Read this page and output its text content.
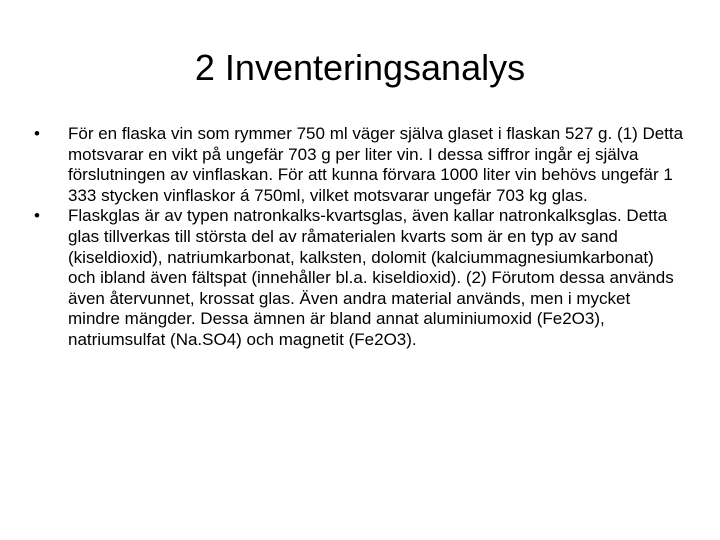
2 Inventeringsanalys
•	För en flaska vin som rymmer 750 ml väger själva glaset i flaskan 527 g. (1) Detta motsvarar en vikt på ungefär 703 g per liter vin. I dessa siffror ingår ej själva förslutningen av vinflaskan. För att kunna förvara 1000 liter vin behövs ungefär 1 333 stycken vinflaskor á 750ml, vilket motsvarar ungefär 703 kg glas.
•	Flaskglas är av typen natronkalks-kvartsglas, även kallar natronkalksglas. Detta glas tillverkas till största del av råmaterialen kvarts som är en typ av sand (kiseldioxid), natriumkarbonat, kalksten, dolomit (kalciummagnesiumkarbonat) och ibland även fältspat (innehåller bl.a. kiseldioxid). (2) Förutom dessa används även återvunnet, krossat glas. Även andra material används, men i mycket mindre mängder. Dessa ämnen är bland annat aluminiumoxid (Fe2O3), natriumsulfat (Na.SO4) och magnetit (Fe2O3).
